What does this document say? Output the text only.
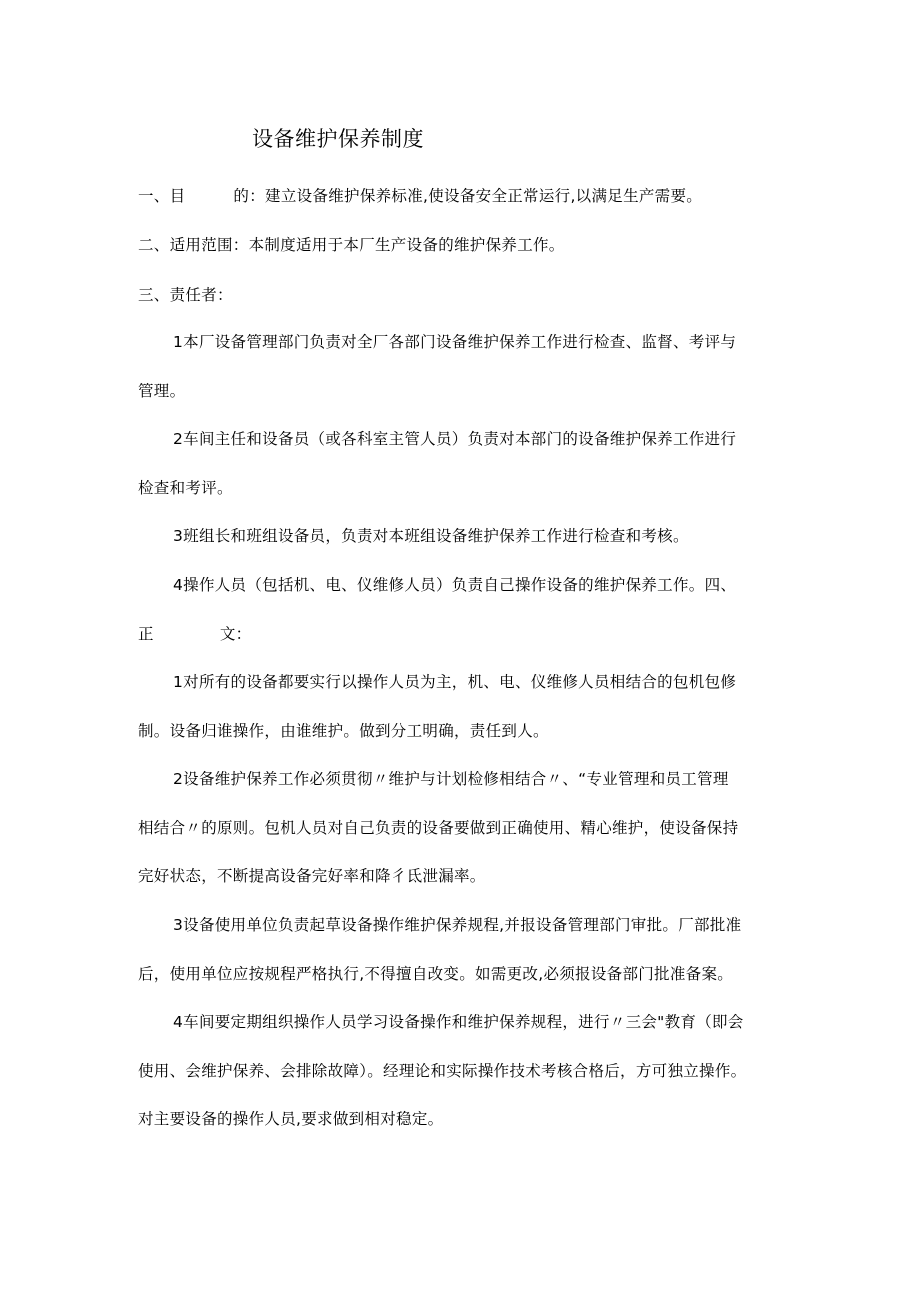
设备维护保养制度
一、目	的：建立设备维护保养标准,使设备安全正常运行,以满足生产需要。
二、适用范围：本制度适用于本厂生产设备的维护保养工作。
三、责任者：
1本厂设备管理部门负责对全厂各部门设备维护保养工作进行检查、监督、考评与
管理。
2车间主任和设备员（或各科室主管人员）负责对本部门的设备维护保养工作进行
检查和考评。
3班组长和班组设备员，负责对本班组设备维护保养工作进行检查和考核。
4操作人员（包括机、电、仪维修人员）负责自己操作设备的维护保养工作。四、
正	文：
1对所有的设备都要实行以操作人员为主，机、电、仪维修人员相结合的包机包修
制。设备归谁操作，由谁维护。做到分工明确，责任到人。
2设备维护保养工作必须贯彻〃维护与计划检修相结合〃、“专业管理和员工管理
相结合〃的原则。包机人员对自己负责的设备要做到正确使用、精心维护，使设备保持
完好状态，不断提高设备完好率和降彳氐泄漏率。
3设备使用单位负责起草设备操作维护保养规程,并报设备管理部门审批。厂部批准
后，使用单位应按规程严格执行,不得擅自改变。如需更改,必须报设备部门批准备案。
4车间要定期组织操作人员学习设备操作和维护保养规程，进行〃三会"教育（即会
使用、会维护保养、会排除故障）。经理论和实际操作技术考核合格后，方可独立操作。
对主要设备的操作人员,要求做到相对稳定。
